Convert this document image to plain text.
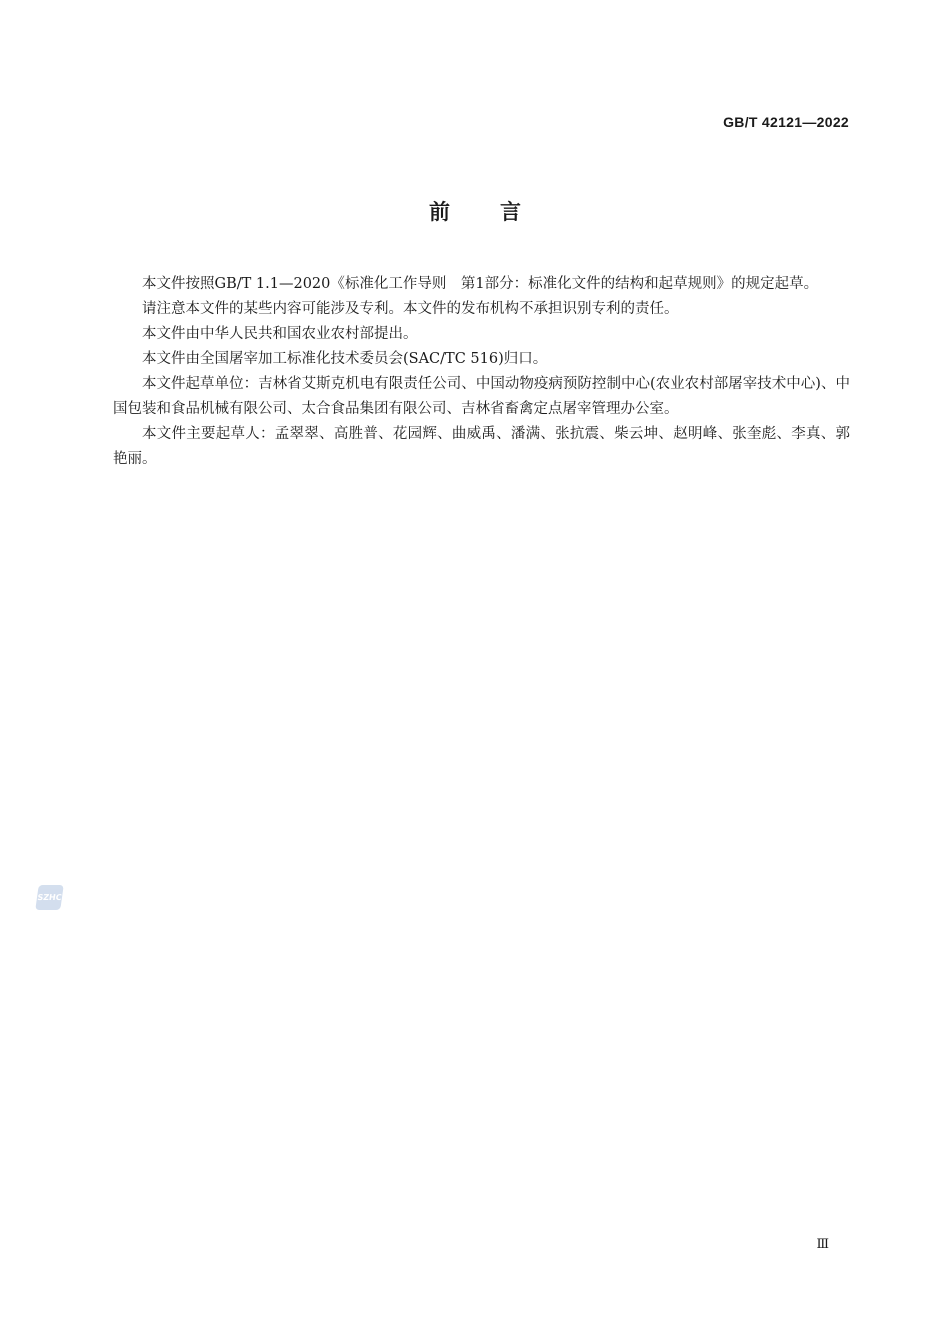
GB/T 42121—2022
前言

本文件按照GB/T 1.1—2020《标准化工作导则　第1部分：标准化文件的结构和起草规则》的规定起草。

请注意本文件的某些内容可能涉及专利。本文件的发布机构不承担识别专利的责任。

本文件由中华人民共和国农业农村部提出。

本文件由全国屠宰加工标准化技术委员会(SAC/TC 516)归口。

本文件起草单位：吉林省艾斯克机电有限责任公司、中国动物疫病预防控制中心(农业农村部屠宰技术中心)、中国包装和食品机械有限公司、太合食品集团有限公司、吉林省畜禽定点屠宰管理办公室。

本文件主要起草人：孟翠翠、高胜普、花园辉、曲威禹、潘满、张抗震、柴云坤、赵明峰、张奎彪、李真、郭艳丽。

SZHC
Ⅲ
